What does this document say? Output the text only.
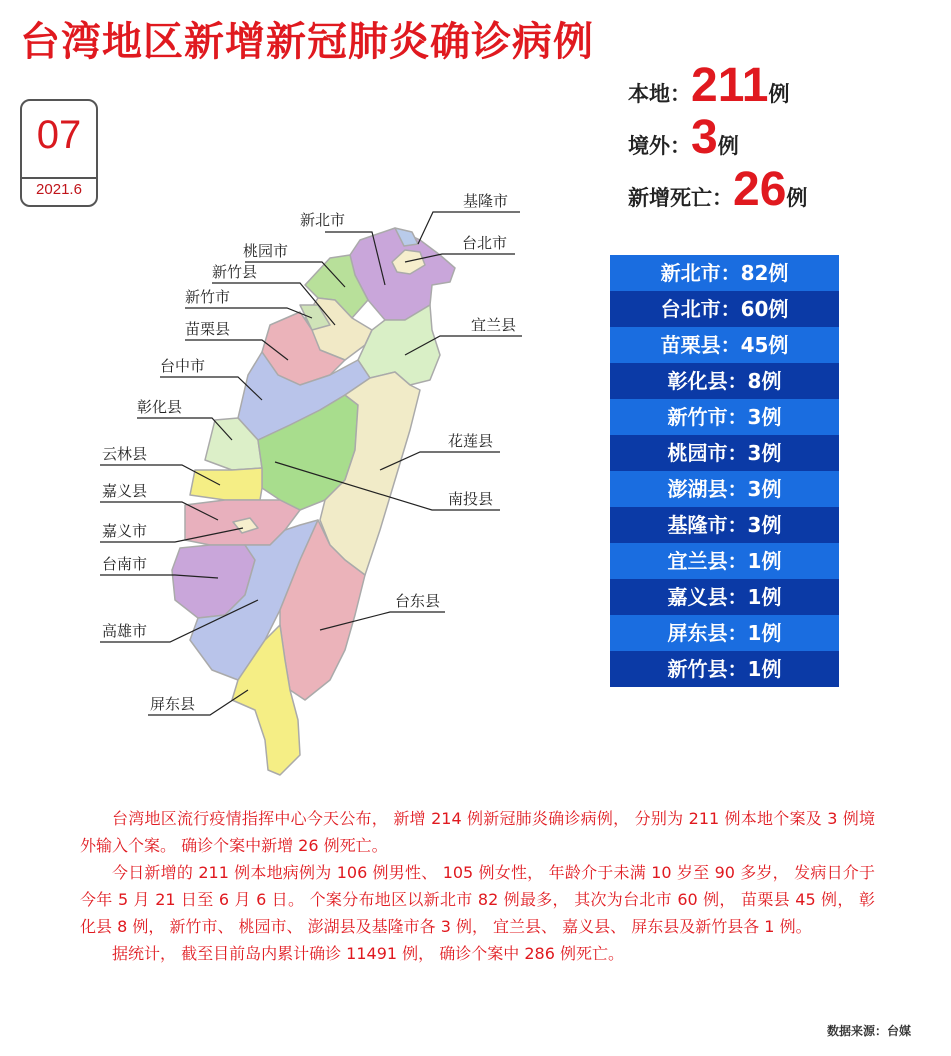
台湾地区新增新冠肺炎确诊病例
07
2021.6
本地：211例
境外：3例
新增死亡：26例
新北市：82例
台北市：60例
苗栗县：45例
彰化县：8例
新竹市：3例
桃园市：3例
澎湖县：3例
基隆市：3例
宜兰县：1例
嘉义县：1例
屏东县：1例
新竹县：1例
基隆市
新北市
台北市
桃园市
新竹县
新竹市
宜兰县
苗栗县
台中市
彰化县
花莲县
云林县
南投县
嘉义县
嘉义市
台南市
台东县
高雄市
屏东县

台湾地区流行疫情指挥中心今天公布， 新增 214 例新冠肺炎确诊病例， 分别为 211 例本地个案及 3 例境外输入个案。 确诊个案中新增 26 例死亡。

今日新增的 211 例本地病例为 106 例男性、 105 例女性， 年龄介于未满 10 岁至 90 多岁， 发病日介于今年 5 月 21 日至 6 月 6 日。 个案分布地区以新北市 82 例最多， 其次为台北市 60 例， 苗栗县 45 例， 彰化县 8 例， 新竹市、 桃园市、 澎湖县及基隆市各 3 例， 宜兰县、 嘉义县、 屏东县及新竹县各 1 例。

据统计， 截至目前岛内累计确诊 11491 例， 确诊个案中 286 例死亡。

数据来源：台媒
